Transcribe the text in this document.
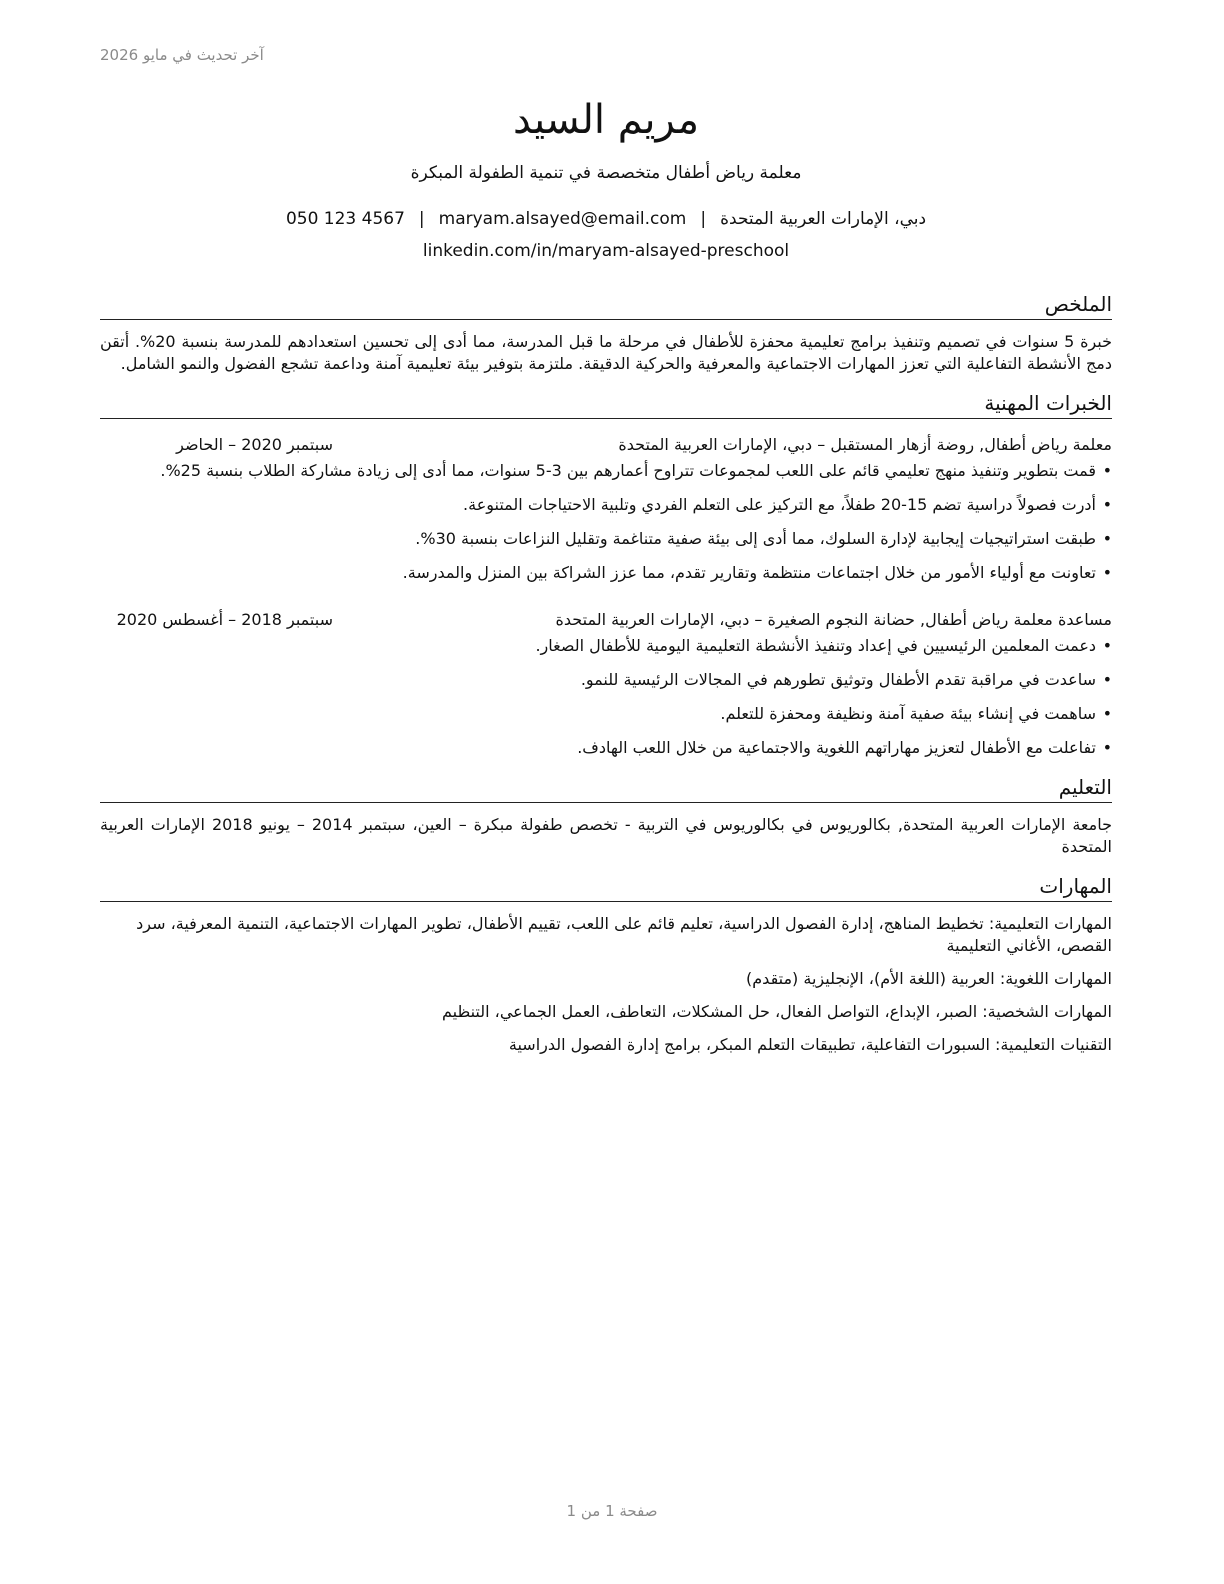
آخر تحديث في مايو 2026
مريم السيد
معلمة رياض أطفال متخصصة في تنمية الطفولة المبكرة
دبي، الإمارات العربية المتحدة|maryam.alsayed@email.com|050 123 4567
linkedin.com/in/maryam-alsayed-preschool
الملخص
خبرة 5 سنوات في تصميم وتنفيذ برامج تعليمية محفزة للأطفال في مرحلة ما قبل المدرسة، مما أدى إلى تحسين استعدادهم للمدرسة بنسبة 20%. أتقن دمج الأنشطة التفاعلية التي تعزز المهارات الاجتماعية والمعرفية والحركية الدقيقة. ملتزمة بتوفير بيئة تعليمية آمنة وداعمة تشجع الفضول والنمو الشامل.
الخبرات المهنية
معلمة رياض أطفال, روضة أزهار المستقبل – دبي، الإمارات العربية المتحدة
سبتمبر 2020 – الحاضر
• قمت بتطوير وتنفيذ منهج تعليمي قائم على اللعب لمجموعات تتراوح أعمارهم بين 3-5 سنوات، مما أدى إلى زيادة مشاركة الطلاب بنسبة 25%.
• أدرت فصولاً دراسية تضم 15-20 طفلاً، مع التركيز على التعلم الفردي وتلبية الاحتياجات المتنوعة.
• طبقت استراتيجيات إيجابية لإدارة السلوك، مما أدى إلى بيئة صفية متناغمة وتقليل النزاعات بنسبة 30%.
• تعاونت مع أولياء الأمور من خلال اجتماعات منتظمة وتقارير تقدم، مما عزز الشراكة بين المنزل والمدرسة.
مساعدة معلمة رياض أطفال, حضانة النجوم الصغيرة – دبي، الإمارات العربية المتحدة
سبتمبر 2018 – أغسطس 2020
• دعمت المعلمين الرئيسيين في إعداد وتنفيذ الأنشطة التعليمية اليومية للأطفال الصغار.
• ساعدت في مراقبة تقدم الأطفال وتوثيق تطورهم في المجالات الرئيسية للنمو.
• ساهمت في إنشاء بيئة صفية آمنة ونظيفة ومحفزة للتعلم.
• تفاعلت مع الأطفال لتعزيز مهاراتهم اللغوية والاجتماعية من خلال اللعب الهادف.
التعليم
جامعة الإمارات العربية المتحدة, بكالوريوس في بكالوريوس في التربية - تخصص طفولة مبكرة – العين، سبتمبر 2014 – يونيو 2018 الإمارات العربية المتحدة
المهارات
المهارات التعليمية: تخطيط المناهج، إدارة الفصول الدراسية، تعليم قائم على اللعب، تقييم الأطفال، تطوير المهارات الاجتماعية، التنمية المعرفية، سرد القصص، الأغاني التعليمية
المهارات اللغوية: العربية (اللغة الأم)، الإنجليزية (متقدم)
المهارات الشخصية: الصبر، الإبداع، التواصل الفعال، حل المشكلات، التعاطف، العمل الجماعي، التنظيم
التقنيات التعليمية: السبورات التفاعلية، تطبيقات التعلم المبكر، برامج إدارة الفصول الدراسية
صفحة 1 من 1
